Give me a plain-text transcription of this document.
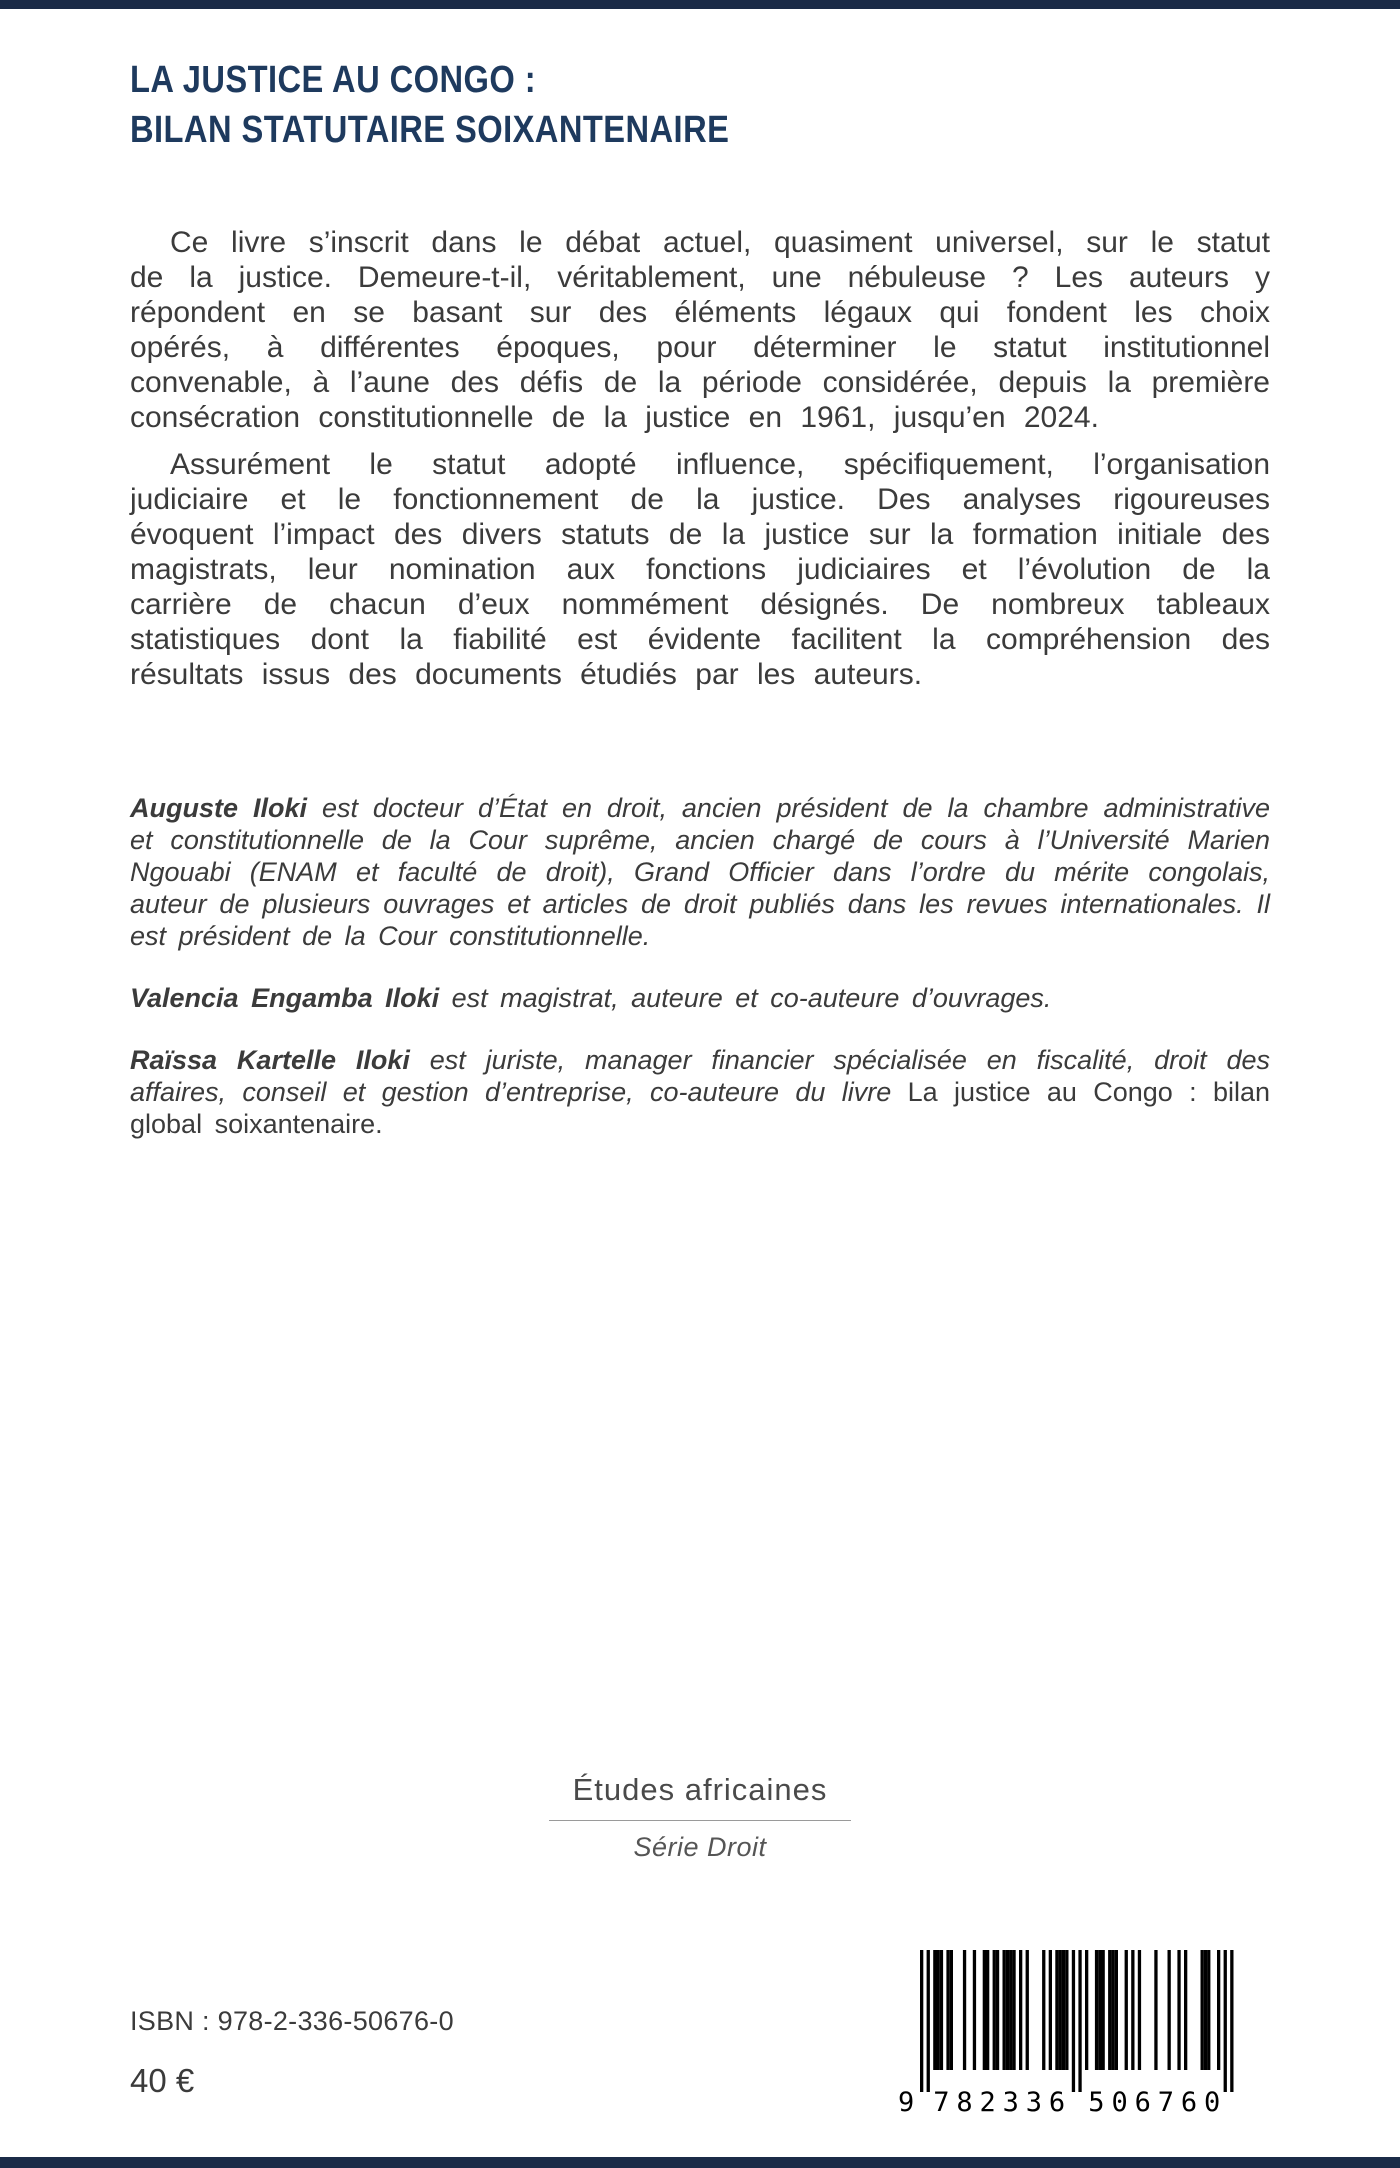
LA JUSTICE AU CONGO :
BILAN STATUTAIRE SOIXANTENAIRE

Ce livre s’inscrit dans le débat actuel, quasiment universel, sur le statut de la justice. Demeure-t-il, véritablement, une nébuleuse ? Les auteurs y répondent en se basant sur des éléments légaux qui fondent les choix opérés, à différentes époques, pour déterminer le statut institutionnel convenable, à l’aune des défis de la période considérée, depuis la première consécration constitutionnelle de la justice en 1961, jusqu’en 2024.

Assurément le statut adopté influence, spécifiquement, l’organisation judiciaire et le fonctionnement de la justice. Des analyses rigoureuses évoquent l’impact des divers statuts de la justice sur la formation initiale des magistrats, leur nomination aux fonctions judiciaires et l’évolution de la carrière de chacun d’eux nommément désignés. De nombreux tableaux statistiques dont la fiabilité est évidente facilitent la compréhension des résultats issus des documents étudiés par les auteurs.

Auguste Iloki est docteur d’État en droit, ancien président de la chambre administrative et constitutionnelle de la Cour suprême, ancien chargé de cours à l’Université Marien Ngouabi (ENAM et faculté de droit), Grand Officier dans l’ordre du mérite congolais, auteur de plusieurs ouvrages et articles de droit publiés dans les revues internationales. Il est président de la Cour constitutionnelle.

Valencia Engamba Iloki est magistrat, auteure et co-auteure d’ouvrages.

Raïssa Kartelle Iloki est juriste, manager financier spécialisée en fiscalité, droit des affaires, conseil et gestion d’entreprise, co-auteure du livre La justice au Congo : bilan global soixantenaire.

Études africaines
Série Droit
ISBN : 978-2-336-50676-0
40 €
9 782336 506760
